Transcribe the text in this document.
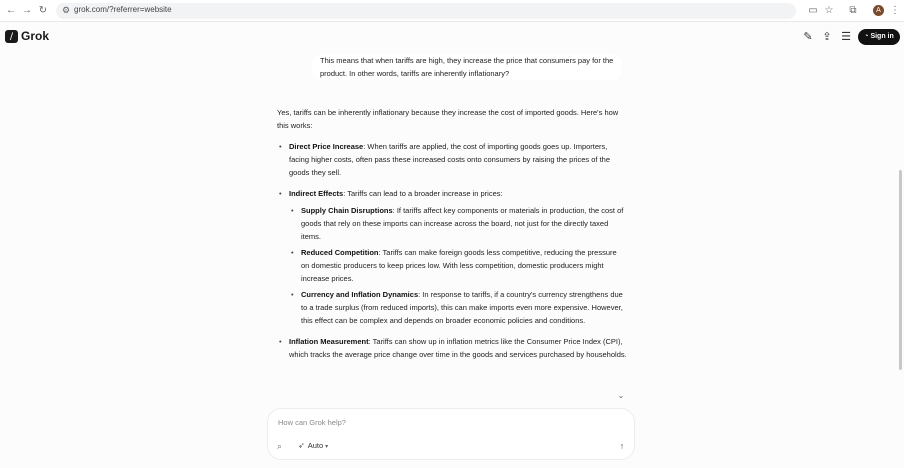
← → ↻	⚙ grok.com/?referrer=website	▭ ☆	⧉	A ⋮
⧸ Grok	✎ ⇪ ☰	◔ Sign in

This means that when tariffs are high, they increase the price that consumers pay for the product. In other words, tariffs are inherently inflationary?

Yes, tariffs can be inherently inflationary because they increase the cost of imported goods. Here's how this works:

• Direct Price Increase: When tariffs are applied, the cost of importing goods goes up. Importers, facing higher costs, often pass these increased costs onto consumers by raising the prices of the goods they sell.
• Indirect Effects: Tariffs can lead to a broader increase in prices:
• Supply Chain Disruptions: If tariffs affect key components or materials in production, the cost of goods that rely on these imports can increase across the board, not just for the directly taxed items.
• Reduced Competition: Tariffs can make foreign goods less competitive, reducing the pressure on domestic producers to keep prices low. With less competition, domestic producers might increase prices.
• Currency and Inflation Dynamics: In response to tariffs, if a country's currency strengthens due to a trade surplus (from reduced imports), this can make imports even more expensive. However, this effect can be complex and depends on broader economic policies and conditions.
• Inflation Measurement: Tariffs can show up in inflation metrics like the Consumer Price Index (CPI), which tracks the average price change over time in the goods and services purchased by households.
⌄
How can Grok help?
⌕ ➶ Auto ▾	↑
